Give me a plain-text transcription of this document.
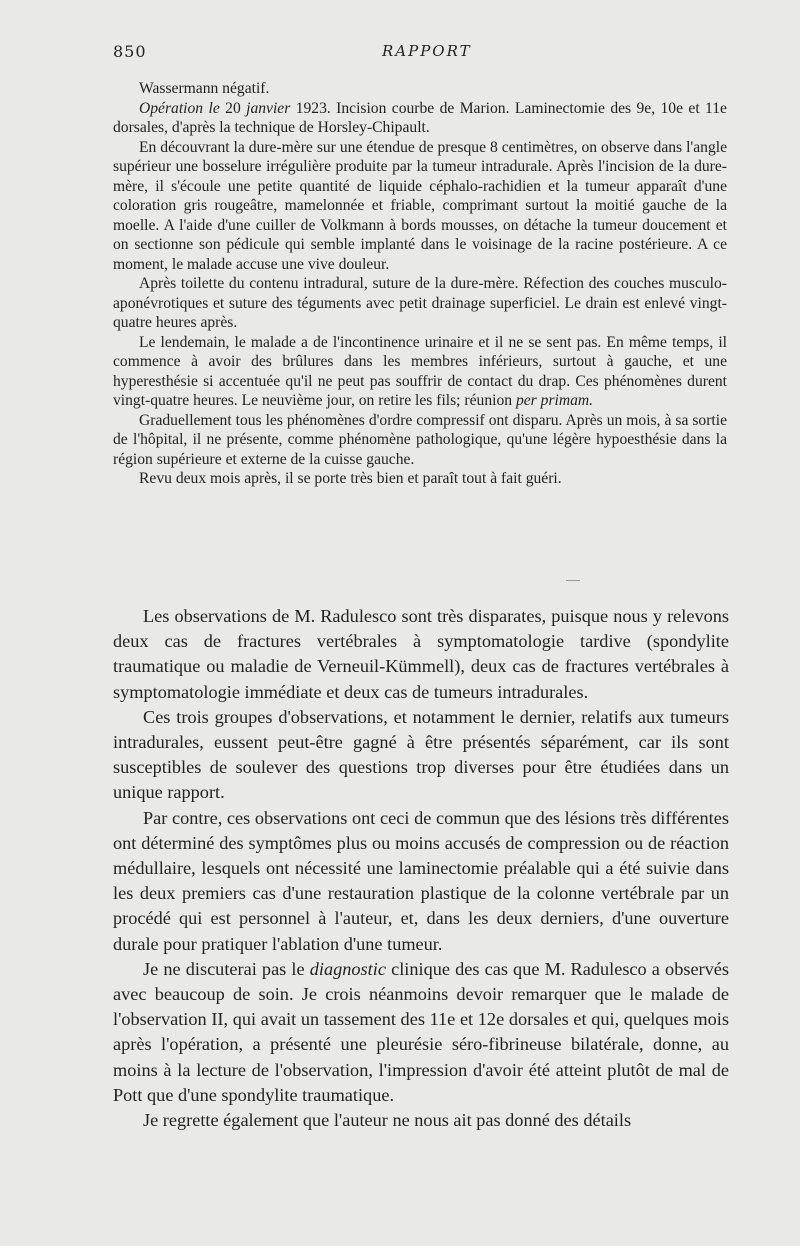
850	RAPPORT

Wassermann négatif.

Opération le 20 janvier 1923. Incision courbe de Marion. Laminectomie des 9e, 10e et 11e dorsales, d'après la technique de Horsley-Chipault.

En découvrant la dure-mère sur une étendue de presque 8 centimètres, on observe dans l'angle supérieur une bosselure irrégulière produite par la tumeur intradurale. Après l'incision de la dure-mère, il s'écoule une petite quantité de liquide céphalo-rachidien et la tumeur apparaît d'une coloration gris rougeâtre, mamelonnée et friable, comprimant surtout la moitié gauche de la moelle. A l'aide d'une cuiller de Volkmann à bords mousses, on détache la tumeur doucement et on sectionne son pédicule qui semble implanté dans le voisinage de la racine postérieure. A ce moment, le malade accuse une vive douleur.

Après toilette du contenu intradural, suture de la dure-mère. Réfection des couches musculo-aponévrotiques et suture des téguments avec petit drainage superficiel. Le drain est enlevé vingt-quatre heures après.

Le lendemain, le malade a de l'incontinence urinaire et il ne se sent pas. En même temps, il commence à avoir des brûlures dans les membres inférieurs, surtout à gauche, et une hyperesthésie si accentuée qu'il ne peut pas souffrir de contact du drap. Ces phénomènes durent vingt-quatre heures. Le neuvième jour, on retire les fils; réunion per primam.

Graduellement tous les phénomènes d'ordre compressif ont disparu. Après un mois, à sa sortie de l'hôpital, il ne présente, comme phénomène pathologique, qu'une légère hypoesthésie dans la région supérieure et externe de la cuisse gauche.

Revu deux mois après, il se porte très bien et paraît tout à fait guéri.

Les observations de M. Radulesco sont très disparates, puisque nous y relevons deux cas de fractures vertébrales à symptomatologie tardive (spondylite traumatique ou maladie de Verneuil-Kümmell), deux cas de fractures vertébrales à symptomatologie immédiate et deux cas de tumeurs intradurales.

Ces trois groupes d'observations, et notamment le dernier, relatifs aux tumeurs intradurales, eussent peut-être gagné à être présentés séparément, car ils sont susceptibles de soulever des questions trop diverses pour être étudiées dans un unique rapport.

Par contre, ces observations ont ceci de commun que des lésions très différentes ont déterminé des symptômes plus ou moins accusés de compression ou de réaction médullaire, lesquels ont nécessité une laminectomie préalable qui a été suivie dans les deux premiers cas d'une restauration plastique de la colonne vertébrale par un procédé qui est personnel à l'auteur, et, dans les deux derniers, d'une ouverture durale pour pratiquer l'ablation d'une tumeur.

Je ne discuterai pas le diagnostic clinique des cas que M. Radulesco a observés avec beaucoup de soin. Je crois néanmoins devoir remarquer que le malade de l'observation II, qui avait un tassement des 11e et 12e dorsales et qui, quelques mois après l'opération, a présenté une pleurésie séro-fibrineuse bilatérale, donne, au moins à la lecture de l'observation, l'impression d'avoir été atteint plutôt de mal de Pott que d'une spondylite traumatique.

Je regrette également que l'auteur ne nous ait pas donné des détails
